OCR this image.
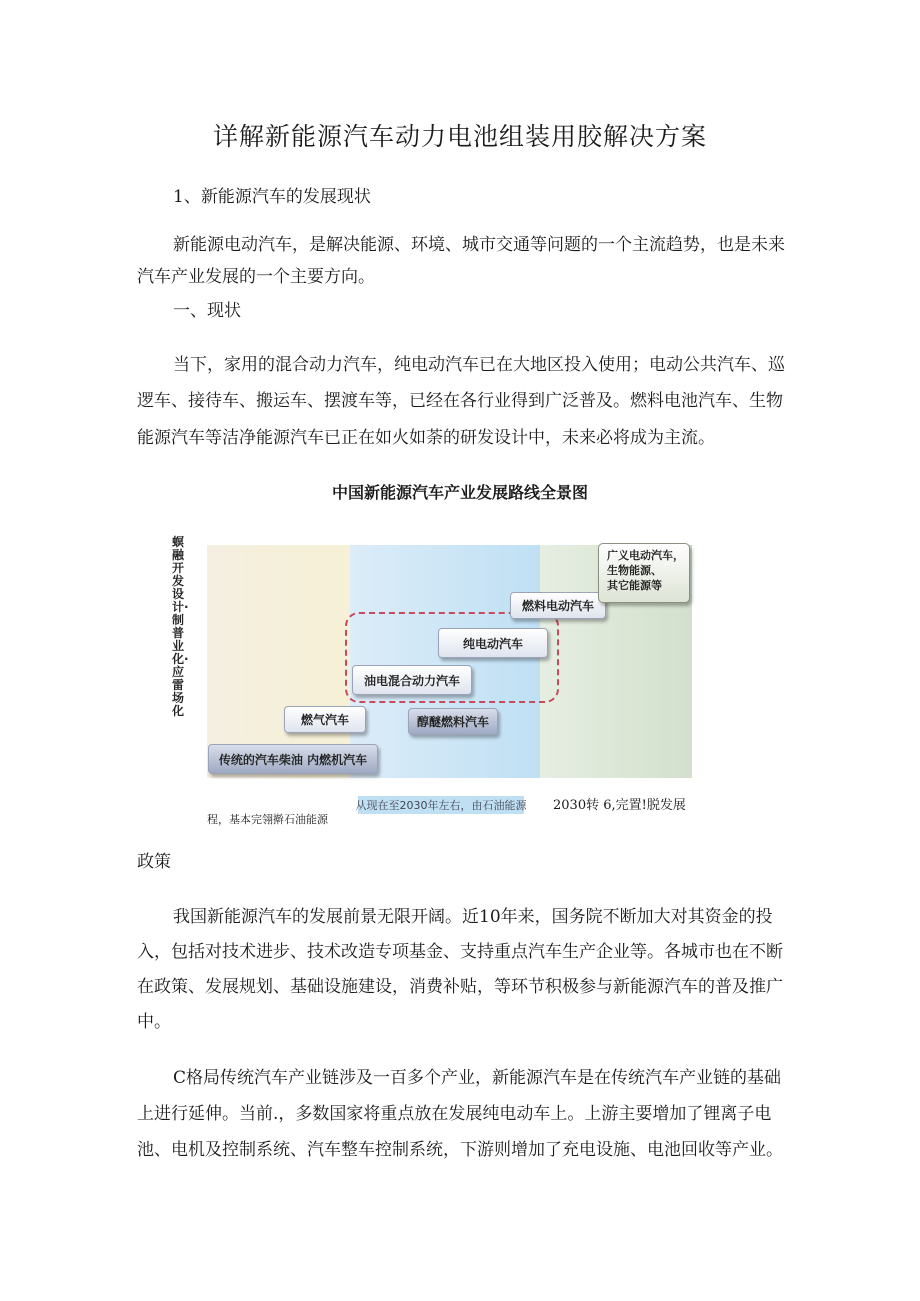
详解新能源汽车动力电池组装用胶解决方案
1、新能源汽车的发展现状
新能源电动汽车，是解决能源、环境、城市交通等问题的一个主流趋势，也是未来
汽车产业发展的一个主要方向。
一、现状
当下，家用的混合动力汽车，纯电动汽车已在大地区投入使用；电动公共汽车、巡
逻车、接待车、搬运车、摆渡车等，已经在各行业得到广泛普及。燃料电池汽车、生物
能源汽车等洁净能源汽车已正在如火如荼的研发设计中，未来必将成为主流。
中国新能源汽车产业发展路线全景图
螟融 开发设计·制普业化·应雷场化
传统的汽车柴油 内燃机汽车
燃气汽车	醇醚燃料汽车
油电混合动力汽车
纯电动汽车
燃料电动汽车
广义电动汽车，
生物能源、
其它能源等
从现在至2030年左右，由石油能源 2030转 6,完置!脱发展
程，基本完翎擀石油能源
政策
我国新能源汽车的发展前景无限开阔。近10年来，国务院不断加大对其资金的投
入，包括对技术进步、技术改造专项基金、支持重点汽车生产企业等。各城市也在不断
在政策、发展规划、基础设施建设，消费补贴，等环节积极参与新能源汽车的普及推广
中。
C格局传统汽车产业链涉及一百多个产业，新能源汽车是在传统汽车产业链的基础
上进行延伸。当前.，多数国家将重点放在发展纯电动车上。上游主要增加了锂离子电
池、电机及控制系统、汽车整车控制系统，下游则增加了充电设施、电池回收等产业。
